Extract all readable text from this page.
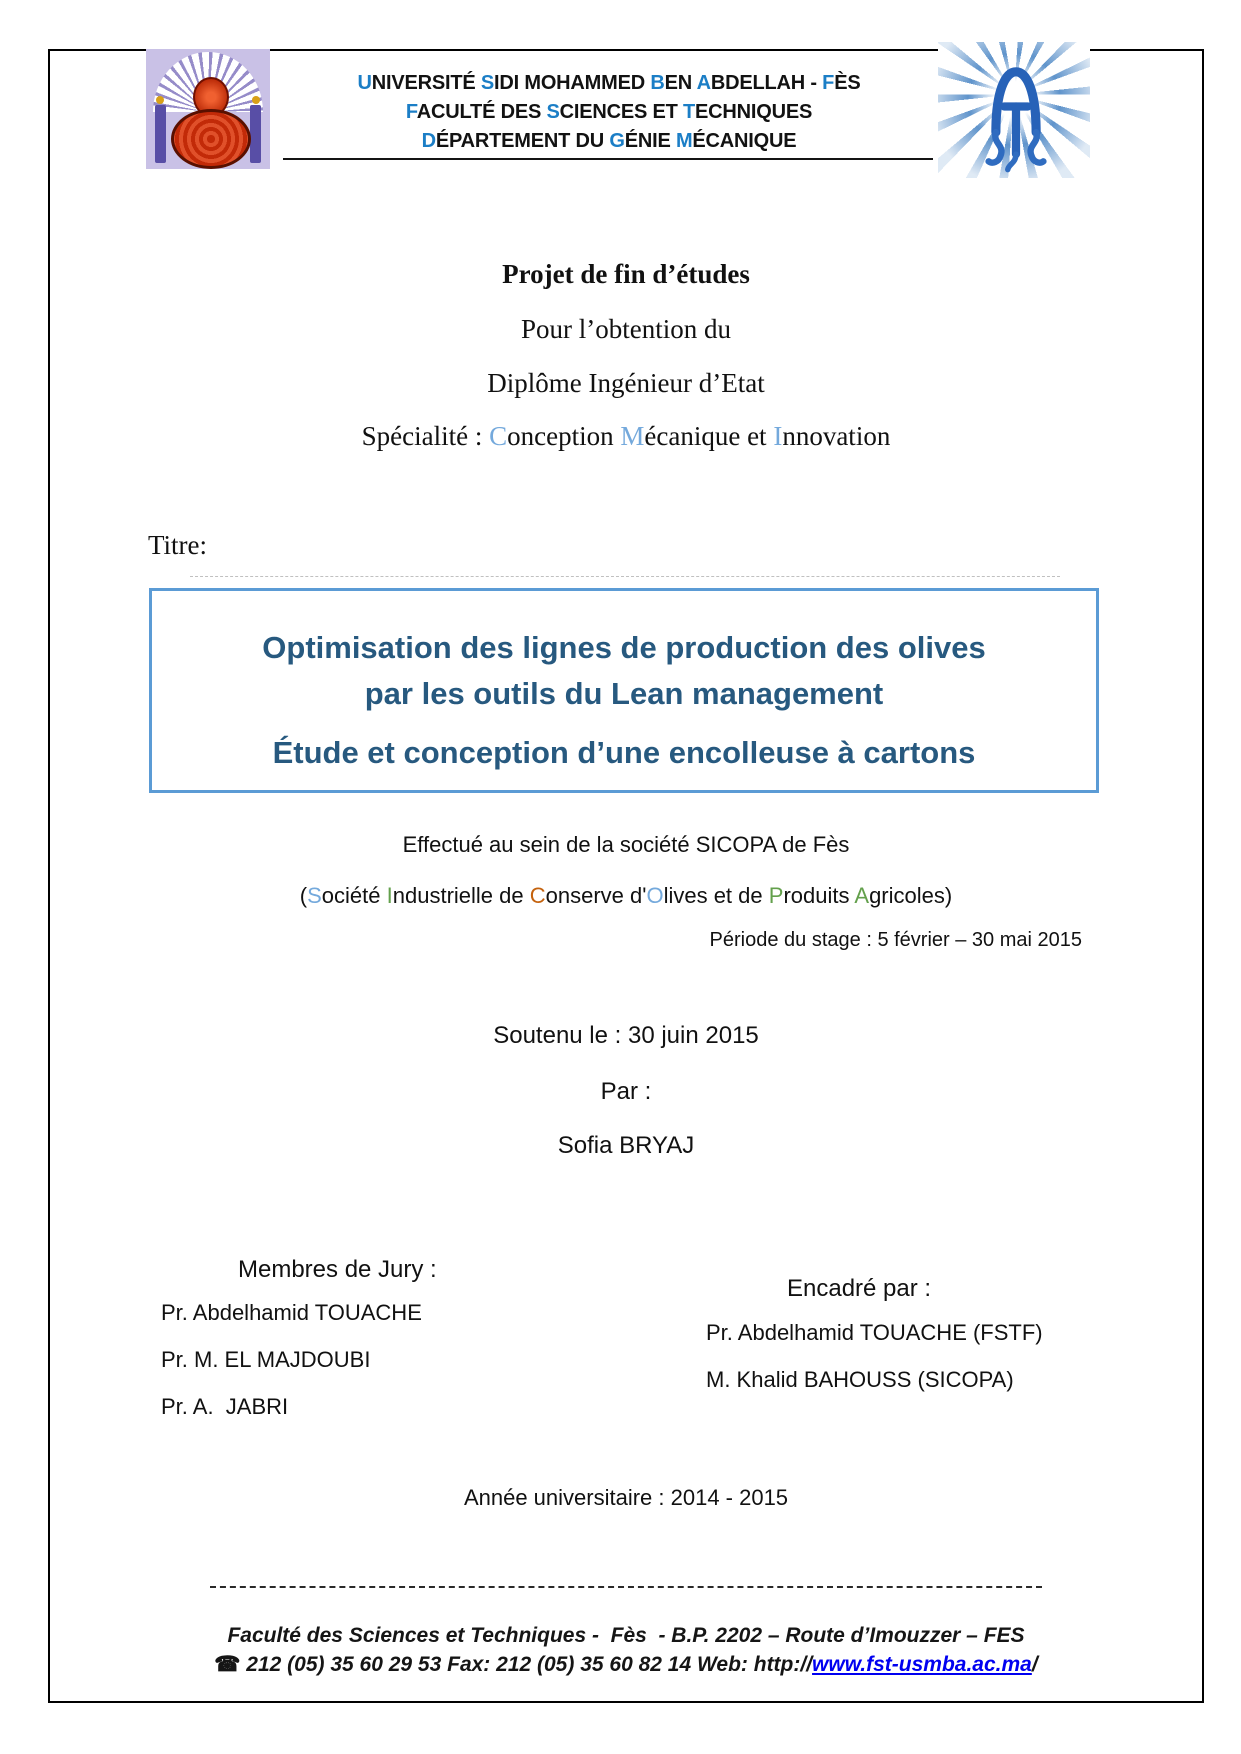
UNIVERSITÉ SIDI MOHAMMED BEN ABDELLAH - FÈS
FACULTÉ DES SCIENCES ET TECHNIQUES
DÉPARTEMENT DU GÉNIE MÉCANIQUE
Projet de fin d’études
Pour l’obtention du
Diplôme Ingénieur d’Etat
Spécialité : Conception Mécanique et Innovation
Titre:

Optimisation des lignes de production des olives
par les outils du Lean management

Étude et conception d’une encolleuse à cartons

Effectué au sein de la société SICOPA de Fès
(Société Industrielle de Conserve d'Olives et de Produits Agricoles)
Période du stage : 5 février – 30 mai 2015
Soutenu le : 30 juin 2015
Par :
Sofia BRYAJ
Membres de Jury :
Pr. Abdelhamid TOUACHE
Pr. M. EL MAJDOUBI
Pr. A.  JABRI
Encadré par :
Pr. Abdelhamid TOUACHE (FSTF)
M. Khalid BAHOUSS (SICOPA)
Année universitaire : 2014 - 2015
Faculté des Sciences et Techniques -  Fès  - B.P. 2202 – Route d’Imouzzer – FES
☎ 212 (05) 35 60 29 53 Fax: 212 (05) 35 60 82 14 Web: http://www.fst-usmba.ac.ma/
